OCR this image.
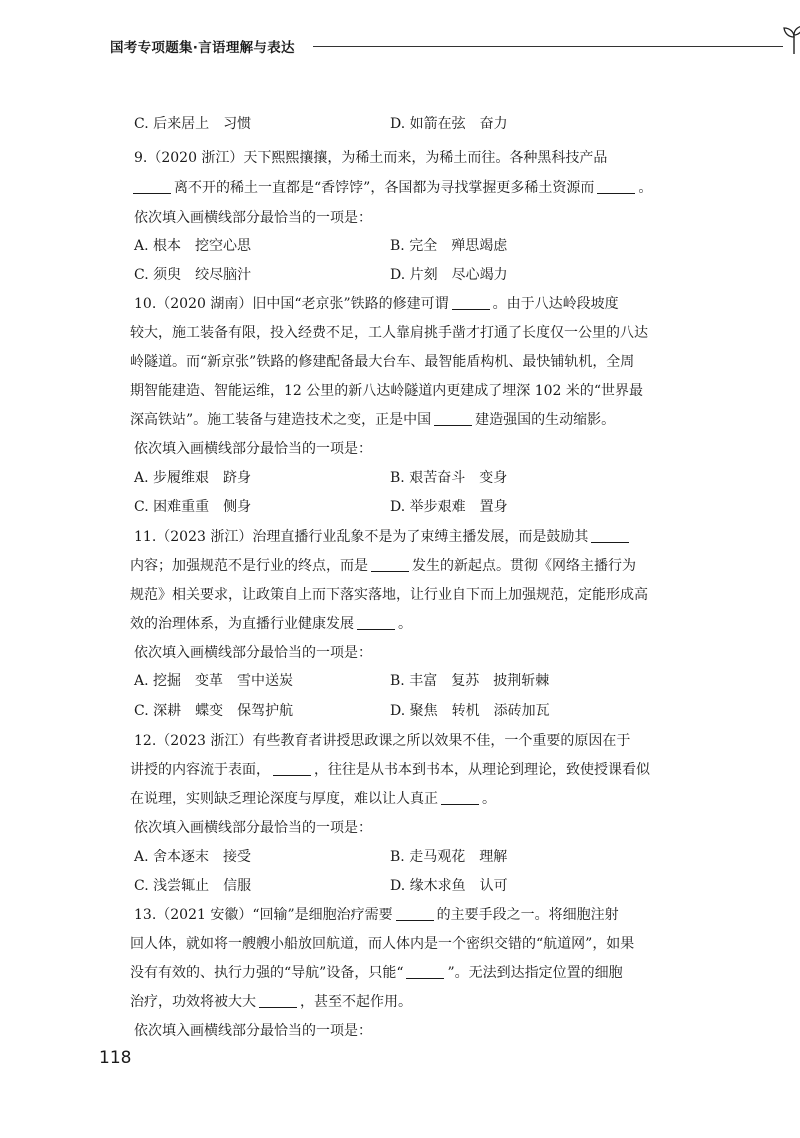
国考专项题集·言语理解与表达
C. 后来居上　习惯	D. 如箭在弦　奋力
9.（2020 浙江）天下熙熙攘攘，为稀土而来，为稀土而往。各种黑科技产品
离不开的稀土一直都是“香饽饽”，各国都为寻找掌握更多稀土资源而	。
依次填入画横线部分最恰当的一项是：
A. 根本　挖空心思	B. 完全　殚思竭虑
C. 须臾　绞尽脑汁	D. 片刻　尽心竭力
10.（2020 湖南）旧中国“老京张”铁路的修建可谓	。由于八达岭段坡度
较大，施工装备有限，投入经费不足，工人靠肩挑手凿才打通了长度仅一公里的八达
岭隧道。而“新京张”铁路的修建配备最大台车、最智能盾构机、最快铺轨机，全周
期智能建造、智能运维，12 公里的新八达岭隧道内更建成了埋深 102 米的“世界最
深高铁站”。施工装备与建造技术之变，正是中国	建造强国的生动缩影。
依次填入画横线部分最恰当的一项是：
A. 步履维艰　跻身	B. 艰苦奋斗　变身
C. 困难重重　侧身	D. 举步艰难　置身
11.（2023 浙江）治理直播行业乱象不是为了束缚主播发展，而是鼓励其
内容；加强规范不是行业的终点，而是	发生的新起点。贯彻《网络主播行为
规范》相关要求，让政策自上而下落实落地，让行业自下而上加强规范，定能形成高
效的治理体系，为直播行业健康发展	。
依次填入画横线部分最恰当的一项是：
A. 挖掘　变革　雪中送炭	B. 丰富　复苏　披荆斩棘
C. 深耕　蝶变　保驾护航	D. 聚焦　转机　添砖加瓦
12.（2023 浙江）有些教育者讲授思政课之所以效果不佳，一个重要的原因在于
讲授的内容流于表面，	，往往是从书本到书本，从理论到理论，致使授课看似
在说理，实则缺乏理论深度与厚度，难以让人真正	。
依次填入画横线部分最恰当的一项是：
A. 舍本逐末　接受	B. 走马观花　理解
C. 浅尝辄止　信服	D. 缘木求鱼　认可
13.（2021 安徽）“回输”是细胞治疗需要	的主要手段之一。将细胞注射
回人体，就如将一艘艘小船放回航道，而人体内是一个密织交错的“航道网”，如果
没有有效的、执行力强的“导航”设备，只能“	”。无法到达指定位置的细胞
治疗，功效将被大大	，甚至不起作用。
依次填入画横线部分最恰当的一项是：
118
